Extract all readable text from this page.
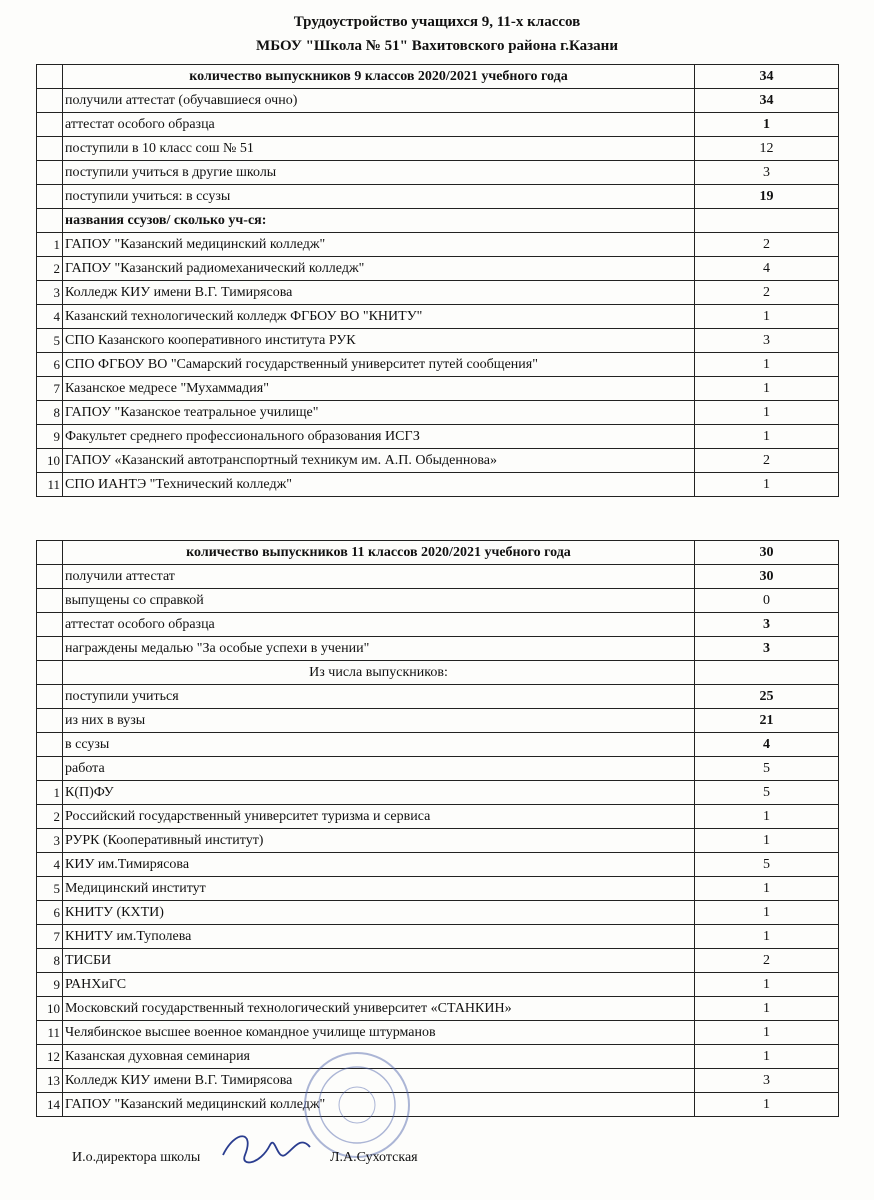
Трудоустройство учащихся 9, 11-х классов
МБОУ "Школа № 51" Вахитовского района г.Казани
	количество выпускников 9 классов 2020/2021 учебного года	34
	получили аттестат (обучавшиеся очно)	34
	аттестат особого образца	1
	поступили в 10 класс сош № 51	12
	поступили учиться в другие школы	3
	поступили учиться: в ссузы	19
	названия ссузов/ сколько уч-ся:	
1	ГАПОУ "Казанский медицинский колледж"	2
2	ГАПОУ "Казанский радиомеханический колледж"	4
3	Колледж КИУ имени В.Г. Тимирясова	2
4	Казанский технологический колледж ФГБОУ ВО "КНИТУ"	1
5	СПО Казанского кооперативного института РУК	3
6	СПО ФГБОУ ВО "Самарский государственный университет путей сообщения"	1
7	Казанское медресе "Мухаммадия"	1
8	ГАПОУ "Казанское театральное училище"	1
9	Факультет среднего профессионального образования ИСГЗ	1
10	ГАПОУ «Казанский автотранспортный техникум им. А.П. Обыденнова»	2
11	СПО ИАНТЭ "Технический колледж"	1
	количество выпускников 11 классов 2020/2021 учебного года	30
	получили аттестат	30
	выпущены со справкой	0
	аттестат особого образца	3
	награждены медалью "За особые успехи в учении"	3
	Из числа выпускников:	
	поступили учиться	25
	из них в вузы	21
	в ссузы	4
	работа	5
1	К(П)ФУ	5
2	Российский государственный университет туризма и сервиса	1
3	РУРК (Кооперативный институт)	1
4	КИУ им.Тимирясова	5
5	Медицинский институт	1
6	КНИТУ (КХТИ)	1
7	КНИТУ им.Туполева	1
8	ТИСБИ	2
9	РАНХиГС	1
10	Московский государственный технологический университет «СТАНКИН»	1
11	Челябинское высшее военное командное училище штурманов	1
12	Казанская духовная семинария	1
13	Колледж КИУ имени В.Г. Тимирясова	3
14	ГАПОУ "Казанский медицинский колледж"	1
И.о.директора школы	Л.А.Сухотская
